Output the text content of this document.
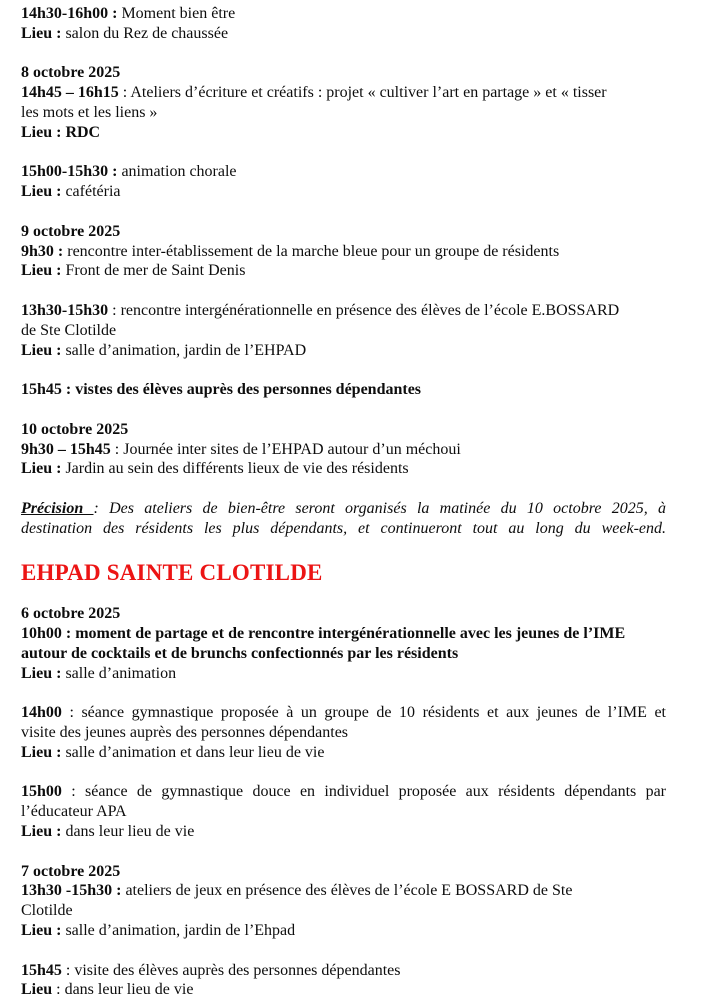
14h30-16h00 : Moment bien être
Lieu : salon du Rez de chaussée

8 octobre 2025
14h45 – 16h15 : Ateliers d’écriture et créatifs : projet « cultiver l’art en partage » et « tisser
les mots et les liens »
Lieu : RDC

15h00-15h30 : animation chorale
Lieu : cafétéria

9 octobre 2025
9h30 : rencontre inter-établissement de la marche bleue pour un groupe de résidents
Lieu : Front de mer de Saint Denis

13h30-15h30 : rencontre intergénérationnelle en présence des élèves de l’école E.BOSSARD
de Ste Clotilde
Lieu : salle d’animation, jardin de l’EHPAD

15h45 : vistes des élèves auprès des personnes dépendantes

10 octobre 2025
9h30 – 15h45 : Journée inter sites de l’EHPAD autour d’un méchoui
Lieu : Jardin au sein des différents lieux de vie des résidents

Précision : Des ateliers de bien-être seront organisés la matinée du 10 octobre 2025, à
destination des résidents les plus dépendants, et continueront tout au long du week-end.

EHPAD SAINTE CLOTILDE
6 octobre 2025
10h00 : moment de partage et de rencontre intergénérationnelle avec les jeunes de l’IME
autour de cocktails et de brunchs confectionnés par les résidents
Lieu : salle d’animation

14h00 : séance gymnastique proposée à un groupe de 10 résidents et aux jeunes de l’IME et
visite des jeunes auprès des personnes dépendantes
Lieu : salle d’animation et dans leur lieu de vie

15h00 : séance de gymnastique douce en individuel proposée aux résidents dépendants par
l’éducateur APA
Lieu : dans leur lieu de vie

7 octobre 2025
13h30 -15h30 : ateliers de jeux en présence des élèves de l’école E BOSSARD de Ste
Clotilde
Lieu : salle d’animation, jardin de l’Ehpad

15h45 : visite des élèves auprès des personnes dépendantes
Lieu : dans leur lieu de vie
